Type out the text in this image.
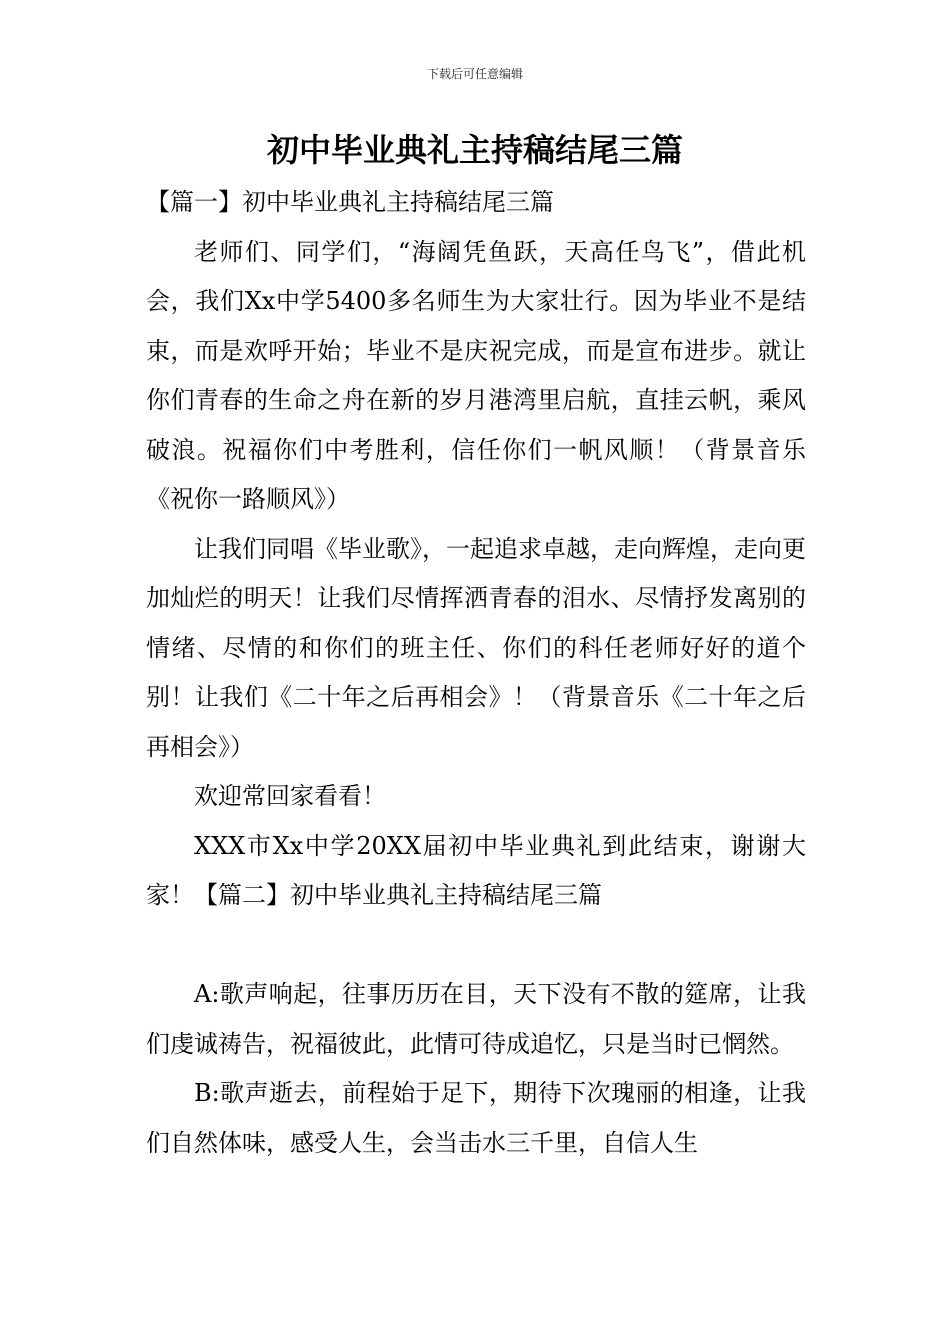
下载后可任意编辑
初中毕业典礼主持稿结尾三篇

【篇一】初中毕业典礼主持稿结尾三篇

老师们、同学们，“海阔凭鱼跃，天高任鸟飞”，借此机会，我们Xx中学5400多名师生为大家壮行。因为毕业不是结束，而是欢呼开始；毕业不是庆祝完成，而是宣布进步。就让你们青春的生命之舟在新的岁月港湾里启航，直挂云帆，乘风破浪。祝福你们中考胜利，信任你们一帆风顺！（背景音乐《祝你一路顺风》）

让我们同唱《毕业歌》，一起追求卓越，走向辉煌，走向更加灿烂的明天！让我们尽情挥洒青春的泪水、尽情抒发离别的情绪、尽情的和你们的班主任、你们的科任老师好好的道个别！让我们《二十年之后再相会》！（背景音乐《二十年之后再相会》）

欢迎常回家看看！

XXX市Xx中学20XX届初中毕业典礼到此结束，谢谢大家！【篇二】初中毕业典礼主持稿结尾三篇

A:歌声响起，往事历历在目，天下没有不散的筵席，让我们虔诚祷告，祝福彼此，此情可待成追忆，只是当时已惘然。

B:歌声逝去，前程始于足下，期待下次瑰丽的相逢，让我们自然体味，感受人生，会当击水三千里，自信人生
